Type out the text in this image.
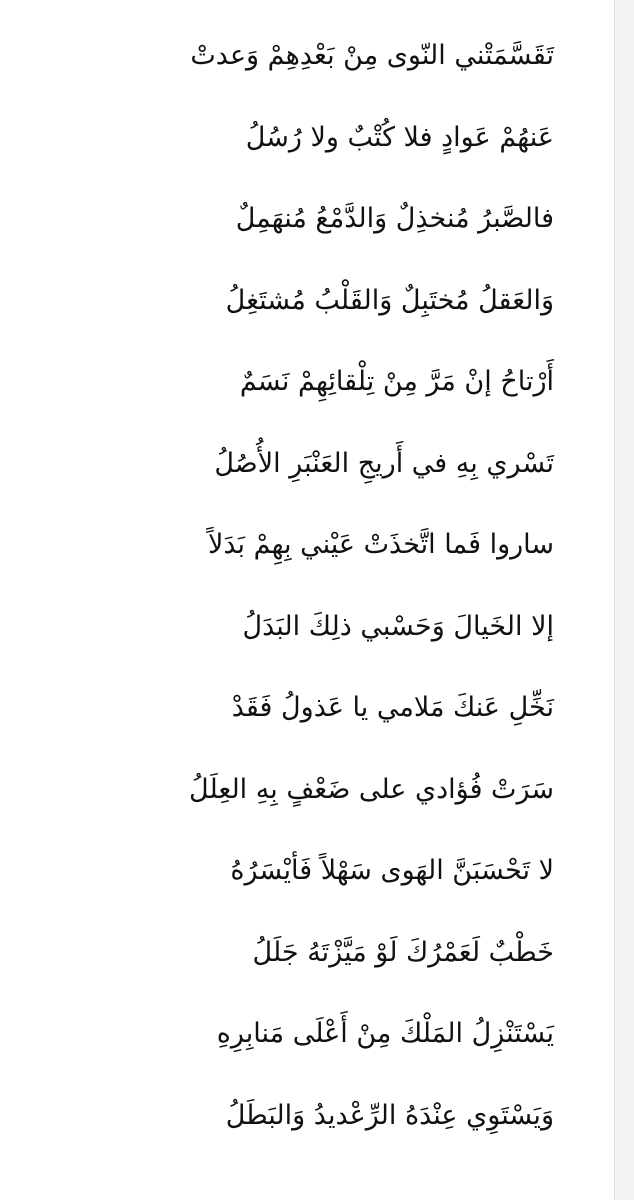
تَقَسَّمَتْني النّوى مِنْ بَعْدِهِمْ وَعدتْ
عَنهُمْ عَوادٍ فلا كُتْبٌ ولا رُسُلُ
فالصَّبرُ مُنخذِلٌ وَالدَّمْعُ مُنهَمِلٌ
وَالعَقلُ مُختَبِلٌ وَالقَلْبُ مُشتَغِلُ
أَرْتاحُ إنْ مَرَّ مِنْ تِلْقائِهِمْ نَسَمٌ
تَسْري بِهِ في أَريجِ العَنْبَرِ الأُصُلُ
ساروا فَما اتَّخذَتْ عَيْني بِهِمْ بَدَلاً
إلا الخَيالَ وَحَسْبي ذلِكَ البَدَلُ
نَخِّلِ عَنكَ مَلامي يا عَذولُ فَقَدْ
سَرَتْ فُؤادي على ضَعْفٍ بِهِ العِلَلُ
لا تَحْسَبَنَّ الهَوى سَهْلاً فَأيْسَرُهُ
خَطْبٌ لَعَمْرُكَ لَوْ مَيَّزْتَهُ جَلَلُ
يَسْتَنْزِلُ المَلْكَ مِنْ أَعْلَى مَنابِرِهِ
وَيَسْتَوِي عِنْدَهُ الرِّعْديدُ وَالبَطَلُ
